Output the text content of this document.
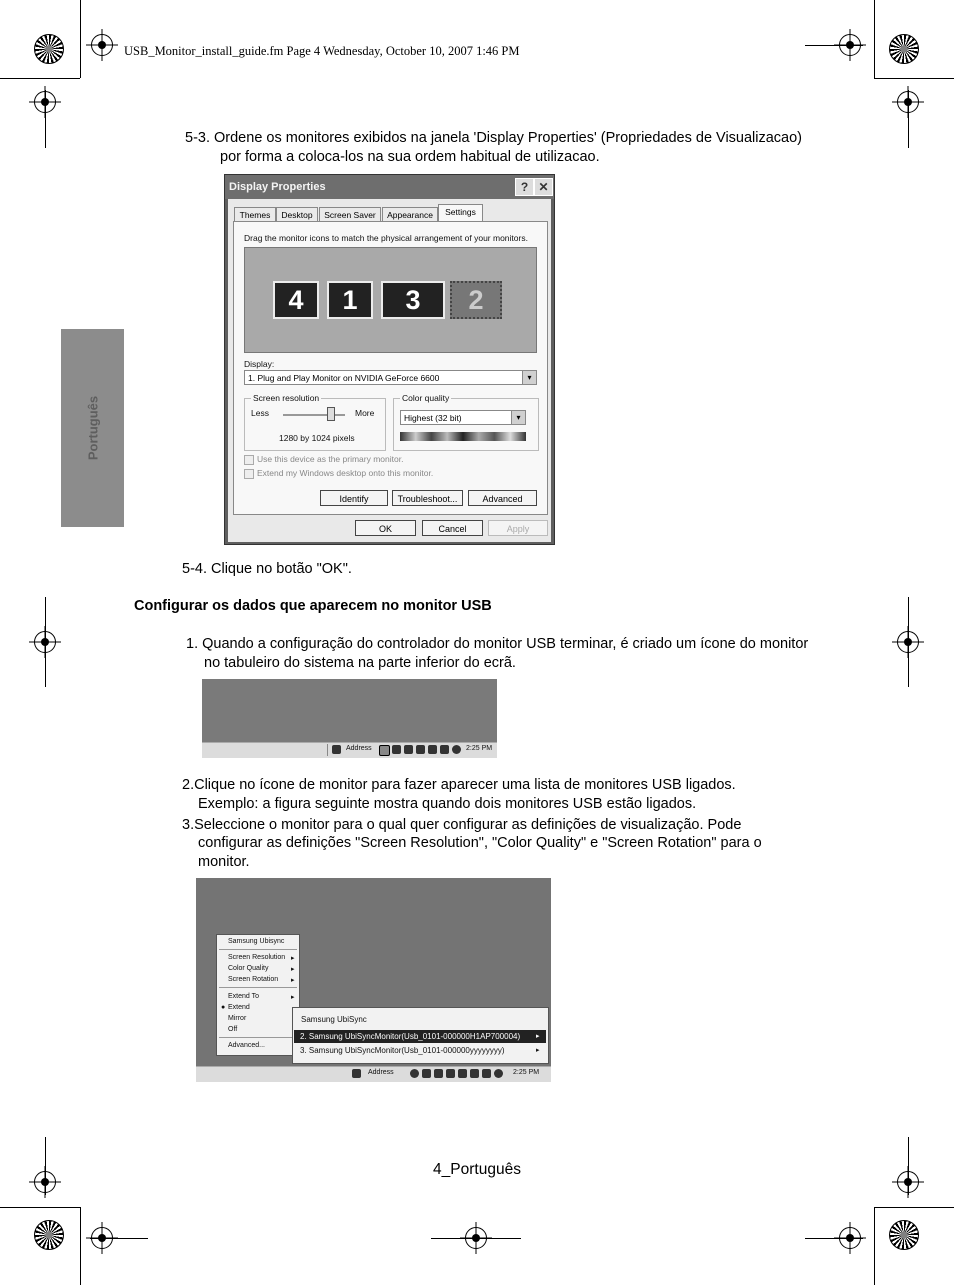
USB_Monitor_install_guide.fm Page 4 Wednesday, October 10, 2007 1:46 PM
Português
5-3. Ordene os monitores exibidos na janela 'Display Properties' (Propriedades de Visualizacao)
por forma a coloca-los na sua ordem habitual de utilizacao.
Display Properties	? ✕
Themes	Desktop	Screen Saver	Appearance	Settings
Drag the monitor icons to match the physical arrangement of your monitors.
4	1	3	2
Display:
1. Plug and Play Monitor on NVIDIA GeForce 6600	▾
Screen resolution
Less	More
1280 by 1024 pixels
Color quality
Highest (32 bit)	▾
Use this device as the primary monitor.
Extend my Windows desktop onto this monitor.
Identify	Troubleshoot...	Advanced
OK	Cancel	Apply
5-4. Clique no botão "OK".
Configurar os dados que aparecem no monitor USB
1. Quando a configuração do controlador do monitor USB terminar, é criado um ícone do monitor
no tabuleiro do sistema na parte inferior do ecrã.
Address	2:25 PM
2.Clique no ícone de monitor para fazer aparecer uma lista de monitores USB ligados.
Exemplo: a figura seguinte mostra quando dois monitores USB estão ligados.
3.Seleccione o monitor para o qual quer configurar as definições de visualização. Pode
configurar as definições "Screen Resolution", "Color Quality" e "Screen Rotation" para o
monitor.
Samsung Ubisync
Screen Resolution
Color Quality
Screen Rotation
▸
▸
▸
Extend To	▸
● Extend
Mirror
Off
Advanced...
Samsung UbiSync
2. Samsung UbiSyncMonitor(Usb_0101-000000H1AP700004) ▸
3. Samsung UbiSyncMonitor(Usb_0101-000000yyyyyyyy)	▸
Address	2:25 PM
4_Português
